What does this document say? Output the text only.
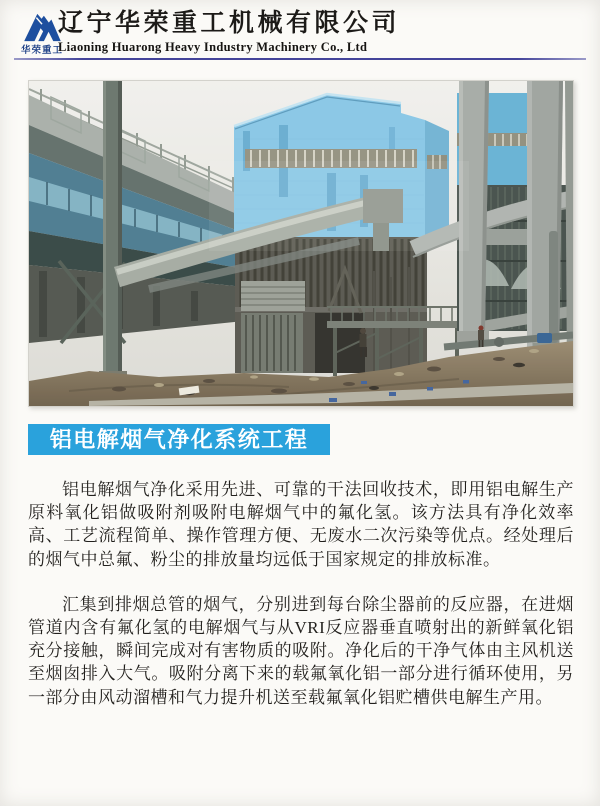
华荣重工
辽宁华荣重工机械有限公司
Liaoning Huarong Heavy Industry Machinery Co., Ltd
铝电解烟气净化系统工程

铝电解烟气净化采用先进、可靠的干法回收技术，即用铝电解生产原料氧化铝做吸附剂吸附电解烟气中的氟化氢。该方法具有净化效率高、工艺流程简单、操作管理方便、无废水二次污染等优点。经处理后的烟气中总氟、粉尘的排放量均远低于国家规定的排放标准。

汇集到排烟总管的烟气，分别进到每台除尘器前的反应器，在进烟管道内含有氟化氢的电解烟气与从VRI反应器垂直喷射出的新鲜氧化铝充分接触，瞬间完成对有害物质的吸附。净化后的干净气体由主风机送至烟囱排入大气。吸附分离下来的载氟氧化铝一部分进行循环使用，另一部分由风动溜槽和气力提升机送至载氟氧化铝贮槽供电解生产用。
